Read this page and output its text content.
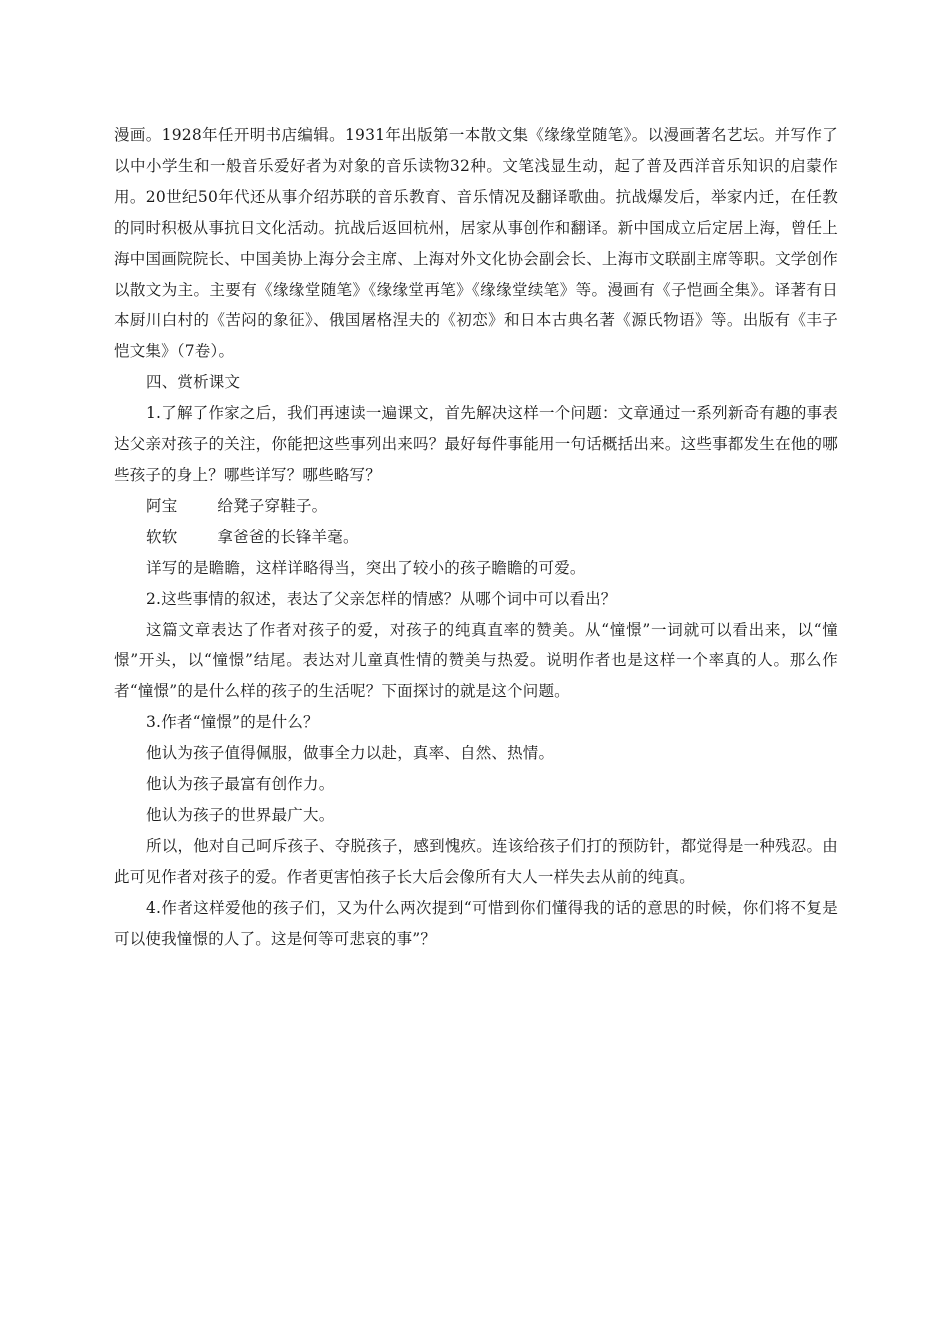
漫画。1928年任开明书店编辑。1931年出版第一本散文集《缘缘堂随笔》。以漫画著名艺坛。并写作了以中小学生和一般音乐爱好者为对象的音乐读物32种。文笔浅显生动，起了普及西洋音乐知识的启蒙作用。20世纪50年代还从事介绍苏联的音乐教育、音乐情况及翻译歌曲。抗战爆发后，举家内迁，在任教的同时积极从事抗日文化活动。抗战后返回杭州，居家从事创作和翻译。新中国成立后定居上海，曾任上海中国画院院长、中国美协上海分会主席、上海对外文化协会副会长、上海市文联副主席等职。文学创作以散文为主。主要有《缘缘堂随笔》《缘缘堂再笔》《缘缘堂续笔》等。漫画有《子恺画全集》。译著有日本厨川白村的《苦闷的象征》、俄国屠格涅夫的《初恋》和日本古典名著《源氏物语》等。出版有《丰子恺文集》（7卷）。

四、赏析课文

1.了解了作家之后，我们再速读一遍课文，首先解决这样一个问题：文章通过一系列新奇有趣的事表达父亲对孩子的关注，你能把这些事列出来吗？最好每件事能用一句话概括出来。这些事都发生在他的哪些孩子的身上？哪些详写？哪些略写？

阿宝	给凳子穿鞋子。

软软	拿爸爸的长锋羊毫。

详写的是瞻瞻，这样详略得当，突出了较小的孩子瞻瞻的可爱。

2.这些事情的叙述，表达了父亲怎样的情感？从哪个词中可以看出？

这篇文章表达了作者对孩子的爱，对孩子的纯真直率的赞美。从“憧憬”一词就可以看出来，以“憧憬”开头，以“憧憬”结尾。表达对儿童真性情的赞美与热爱。说明作者也是这样一个率真的人。那么作者“憧憬”的是什么样的孩子的生活呢？下面探讨的就是这个问题。

3.作者“憧憬”的是什么？

他认为孩子值得佩服，做事全力以赴，真率、自然、热情。

他认为孩子最富有创作力。

他认为孩子的世界最广大。

所以，他对自己呵斥孩子、夺脱孩子，感到愧疚。连该给孩子们打的预防针，都觉得是一种残忍。由此可见作者对孩子的爱。作者更害怕孩子长大后会像所有大人一样失去从前的纯真。

4.作者这样爱他的孩子们，又为什么两次提到“可惜到你们懂得我的话的意思的时候，你们将不复是可以使我憧憬的人了。这是何等可悲哀的事”？
